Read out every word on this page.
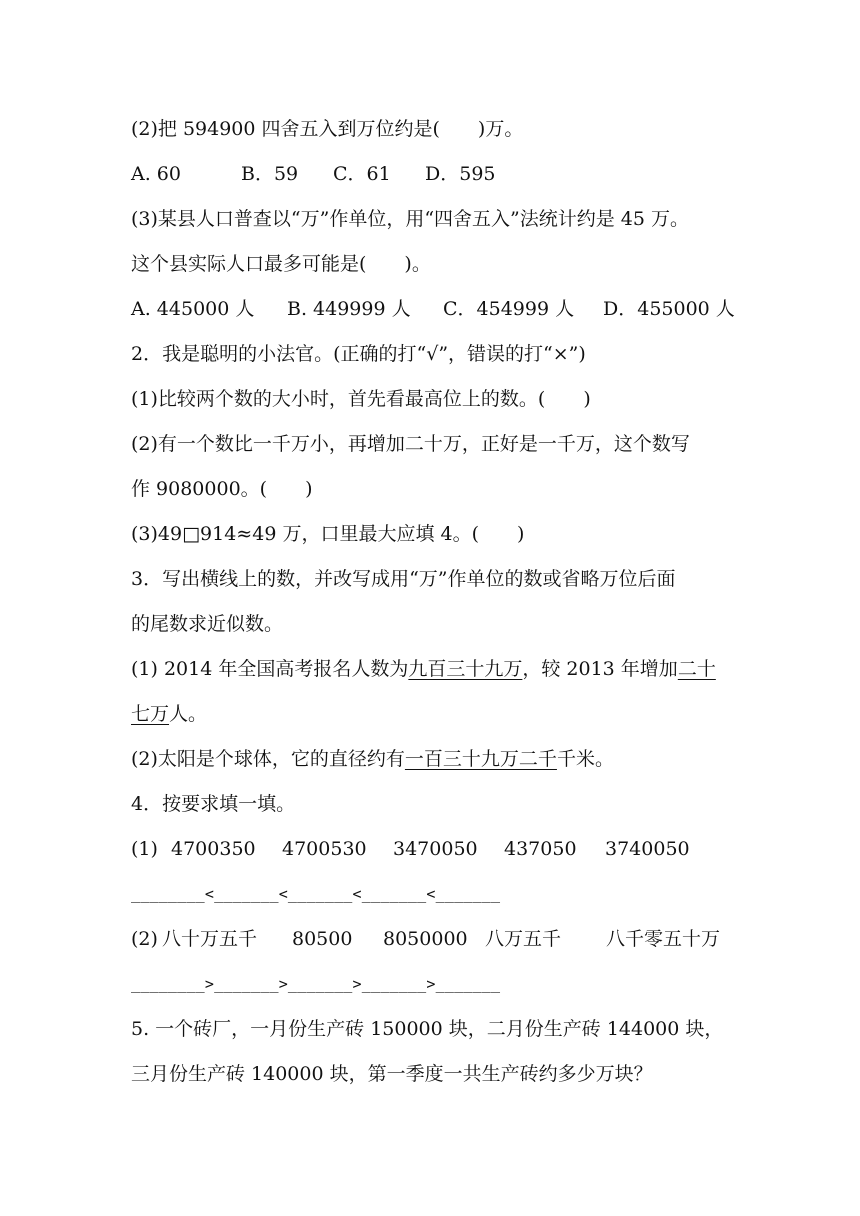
(2)把 594900 四舍五入到万位约是(　　)万。
A. 60	B．59 C．61 D．595
(3)某县人口普查以“万”作单位，用“四舍五入”法统计约是 45 万。
这个县实际人口最多可能是(　　)。
A. 445000 人 B. 449999 人 C．454999 人 D．455000 人
2．我是聪明的小法官。(正确的打“√”，错误的打“×”)
(1)比较两个数的大小时，首先看最高位上的数。(　　)
(2)有一个数比一千万小，再增加二十万，正好是一千万，这个数写
作 9080000。(　　)
(3)49□914≈49 万，口里最大应填 4。(　　)
3．写出横线上的数，并改写成用“万”作单位的数或省略万位后面
的尾数求近似数。
(1) 2014 年全国高考报名人数为九百三十九万，较 2013 年增加二十
七万人。
(2)太阳是个球体，它的直径约有一百三十九万二千千米。
4．按要求填一填。
(1) 4700350 4700530 3470050 437050 3740050
________<_______<_______<_______<_______
(2) 八十万五千 80500 8050000 八万五千 八千零五十万
________>_______>_______>_______>_______
5. 一个砖厂，一月份生产砖 150000 块，二月份生产砖 144000 块，
三月份生产砖 140000 块，第一季度一共生产砖约多少万块？
